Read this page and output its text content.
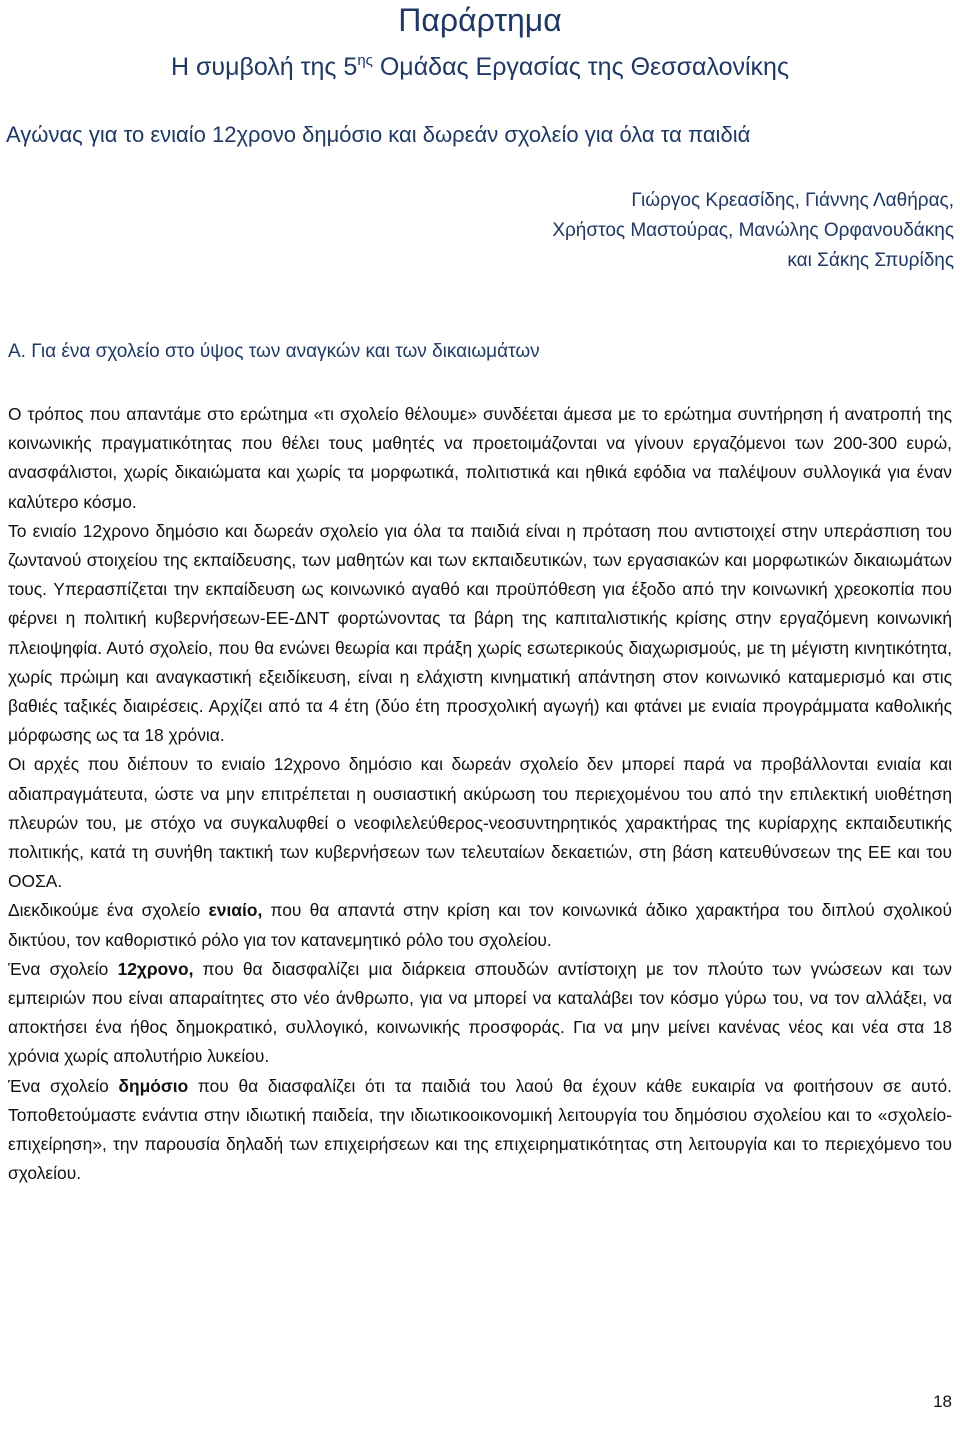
Παράρτημα
Η συμβολή της $5^{\eta\varsigma}$ Ομάδας Εργασίας της Θεσσαλονίκης
Αγώνας για το ενιαίο 12χρονο δημόσιο και δωρεάν σχολείο για όλα τα παιδιά
Γιώργος Κρεασίδης, Γιάννης Λαθήρας,
Χρήστος Μαστούρας, Μανώλης Ορφανουδάκης
και Σάκης Σπυρίδης
Α. Για ένα σχολείο στο ύψος των αναγκών και των δικαιωμάτων

Ο τρόπος που απαντάμε στο ερώτημα «τι σχολείο θέλουμε» συνδέεται άμεσα με το ερώτημα συντήρηση ή ανατροπή της κοινωνικής πραγματικότητας που θέλει τους μαθητές να προετοιμάζονται να γίνουν εργαζόμενοι των 200-300 ευρώ, ανασφάλιστοι, χωρίς δικαιώματα και χωρίς τα μορφωτικά, πολιτιστικά και ηθικά εφόδια να παλέψουν συλλογικά για έναν καλύτερο κόσμο.

Το ενιαίο 12χρονο δημόσιο και δωρεάν σχολείο για όλα τα παιδιά είναι η πρόταση που αντιστοιχεί στην υπεράσπιση του ζωντανού στοιχείου της εκπαίδευσης, των μαθητών και των εκπαιδευτικών, των εργασιακών και μορφωτικών δικαιωμάτων τους. Υπερασπίζεται την εκπαίδευση ως κοινωνικό αγαθό και προϋπόθεση για έξοδο από την κοινωνική χρεοκοπία που φέρνει η πολιτική κυβερνήσεων-ΕΕ-ΔΝΤ φορτώνοντας τα βάρη της καπιταλιστικής κρίσης στην εργαζόμενη κοινωνική πλειοψηφία. Αυτό σχολείο, που θα ενώνει θεωρία και πράξη χωρίς εσωτερικούς διαχωρισμούς, με τη μέγιστη κινητικότητα, χωρίς πρώιμη και αναγκαστική εξειδίκευση, είναι η ελάχιστη κινηματική απάντηση στον κοινωνικό καταμερισμό και στις βαθιές ταξικές διαιρέσεις. Αρχίζει από τα 4 έτη (δύο έτη προσχολική αγωγή) και φτάνει με ενιαία προγράμματα καθολικής μόρφωσης ως τα 18 χρόνια.

Οι αρχές που διέπουν το ενιαίο 12χρονο δημόσιο και δωρεάν σχολείο δεν μπορεί παρά να προβάλλονται ενιαία και αδιαπραγμάτευτα, ώστε να μην επιτρέπεται η ουσιαστική ακύρωση του περιεχομένου του από την επιλεκτική υιοθέτηση πλευρών του, με στόχο να συγκαλυφθεί ο νεοφιλελεύθερος-νεοσυντηρητικός χαρακτήρας της κυρίαρχης εκπαιδευτικής πολιτικής, κατά τη συνήθη τακτική των κυβερνήσεων των τελευταίων δεκαετιών, στη βάση κατευθύνσεων της ΕΕ και του ΟΟΣΑ.

Διεκδικούμε ένα σχολείο ενιαίο, που θα απαντά στην κρίση και τον κοινωνικά άδικο χαρακτήρα του διπλού σχολικού δικτύου, τον καθοριστικό ρόλο για τον κατανεμητικό ρόλο του σχολείου.

Ένα σχολείο 12χρονο, που θα διασφαλίζει μια διάρκεια σπουδών αντίστοιχη με τον πλούτο των γνώσεων και των εμπειριών που είναι απαραίτητες στο νέο άνθρωπο, για να μπορεί να καταλάβει τον κόσμο γύρω του, να τον αλλάξει, να αποκτήσει ένα ήθος δημοκρατικό, συλλογικό, κοινωνικής προσφοράς. Για να μην μείνει κανένας νέος και νέα στα 18 χρόνια χωρίς απολυτήριο λυκείου.

Ένα σχολείο δημόσιο που θα διασφαλίζει ότι τα παιδιά του λαού θα έχουν κάθε ευκαιρία να φοιτήσουν σε αυτό. Τοποθετούμαστε ενάντια στην ιδιωτική παιδεία, την ιδιωτικοοικονομική λειτουργία του δημόσιου σχολείου και το «σχολείο-επιχείρηση», την παρουσία δηλαδή των επιχειρήσεων και της επιχειρηματικότητας στη λειτουργία και το περιεχόμενο του σχολείου.

18
